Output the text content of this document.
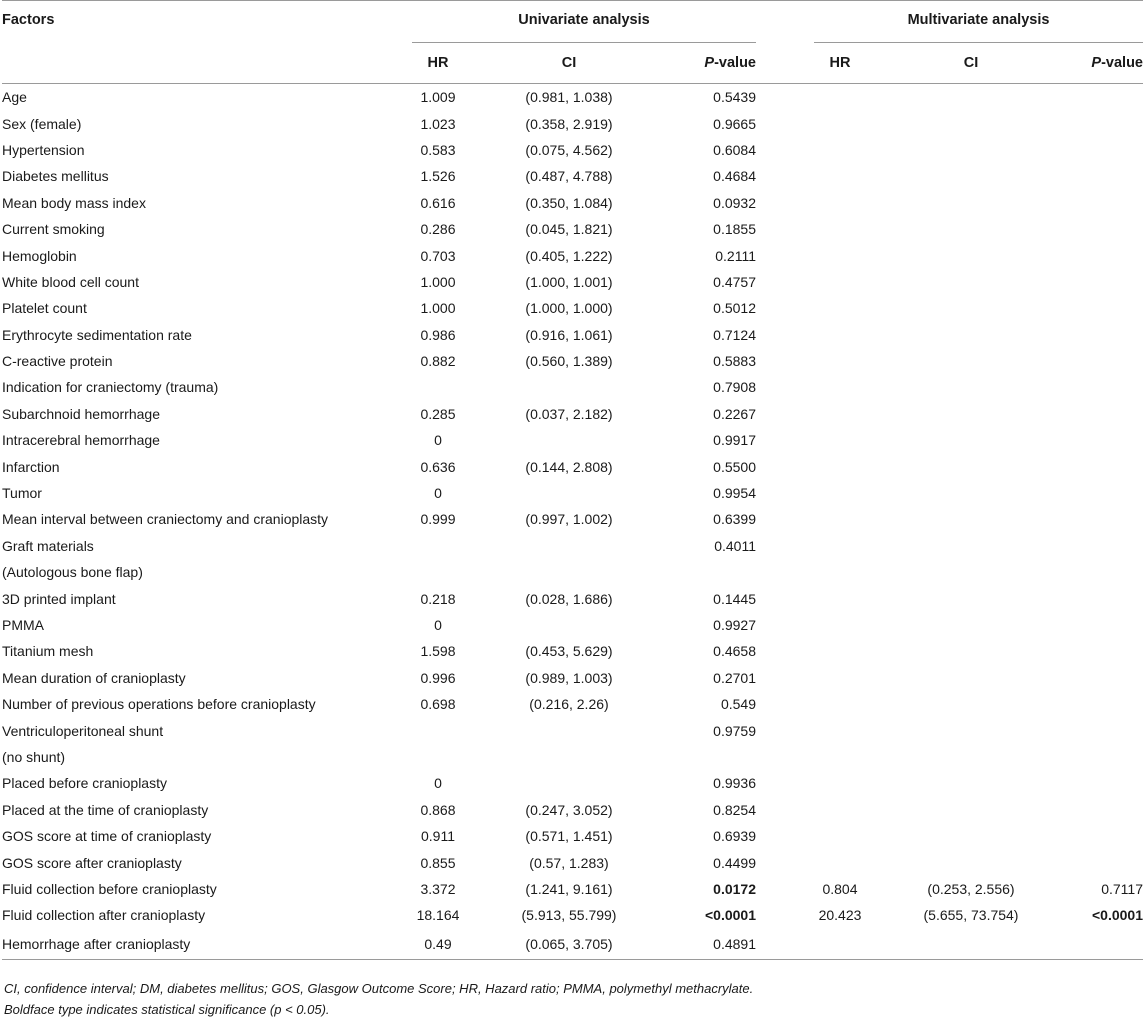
Factors	Univariate analysis				Multivariate analysis		
	HR	CI	P-value		HR	CI	P-value
Age	1.009	(0.981, 1.038)	0.5439				
Sex (female)	1.023	(0.358, 2.919)	0.9665				
Hypertension	0.583	(0.075, 4.562)	0.6084				
Diabetes mellitus	1.526	(0.487, 4.788)	0.4684				
Mean body mass index	0.616	(0.350, 1.084)	0.0932				
Current smoking	0.286	(0.045, 1.821)	0.1855				
Hemoglobin	0.703	(0.405, 1.222)	0.2111				
White blood cell count	1.000	(1.000, 1.001)	0.4757				
Platelet count	1.000	(1.000, 1.000)	0.5012				
Erythrocyte sedimentation rate	0.986	(0.916, 1.061)	0.7124				
C-reactive protein	0.882	(0.560, 1.389)	0.5883				
Indication for craniectomy (trauma)			0.7908				
Subarchnoid hemorrhage	0.285	(0.037, 2.182)	0.2267				
Intracerebral hemorrhage	0		0.9917				
Infarction	0.636	(0.144, 2.808)	0.5500				
Tumor	0		0.9954				
Mean interval between craniectomy and cranioplasty	0.999	(0.997, 1.002)	0.6399				
Graft materials			0.4011				
(Autologous bone flap)							
3D printed implant	0.218	(0.028, 1.686)	0.1445				
PMMA	0		0.9927				
Titanium mesh	1.598	(0.453, 5.629)	0.4658				
Mean duration of cranioplasty	0.996	(0.989, 1.003)	0.2701				
Number of previous operations before cranioplasty	0.698	(0.216, 2.26)	0.549				
Ventriculoperitoneal shunt			0.9759				
(no shunt)							
Placed before cranioplasty	0		0.9936				
Placed at the time of cranioplasty	0.868	(0.247, 3.052)	0.8254				
GOS score at time of cranioplasty	0.911	(0.571, 1.451)	0.6939				
GOS score after cranioplasty	0.855	(0.57, 1.283)	0.4499				
Fluid collection before cranioplasty	3.372	(1.241, 9.161)	0.0172		0.804	(0.253, 2.556)	0.7117
Fluid collection after cranioplasty	18.164	(5.913, 55.799)	<0.0001		20.423	(5.655, 73.754)	<0.0001
Hemorrhage after cranioplasty	0.49	(0.065, 3.705)	0.4891				
CI, confidence interval; DM, diabetes mellitus; GOS, Glasgow Outcome Score; HR, Hazard ratio; PMMA, polymethyl methacrylate.
Boldface type indicates statistical significance (p < 0.05).
